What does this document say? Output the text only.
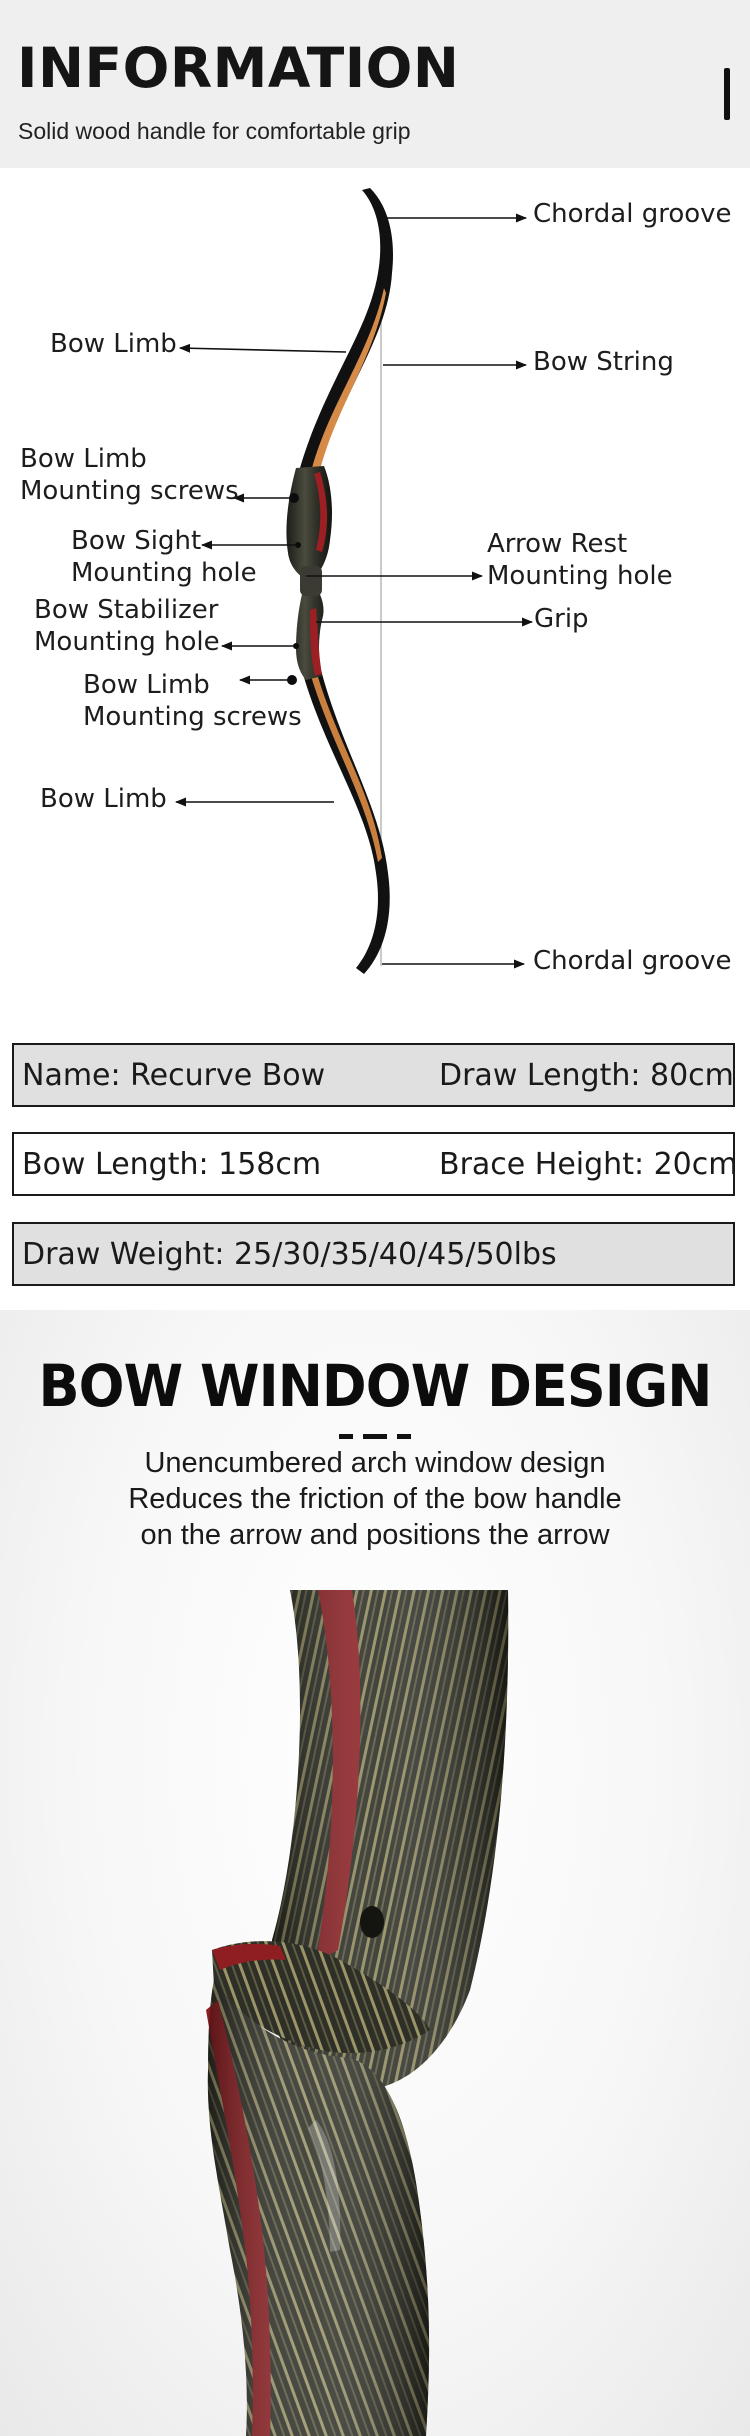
INFORMATION
Solid wood handle for comfortable grip
Chordal groove
Bow String
Bow Limb
Bow Limb
Mounting screws
Bow Sight
Mounting hole
Arrow Rest
Mounting hole
Bow Stabilizer
Mounting hole
Grip
Bow Limb
Mounting screws
Bow Limb
Chordal groove
Name: Recurve Bow	Draw Length: 80cm
Bow Length: 158cm	Brace Height: 20cm
Draw Weight: 25/30/35/40/45/50lbs
BOW WINDOW DESIGN
Unencumbered arch window design
Reduces the friction of the bow handle
on the arrow and positions the arrow
